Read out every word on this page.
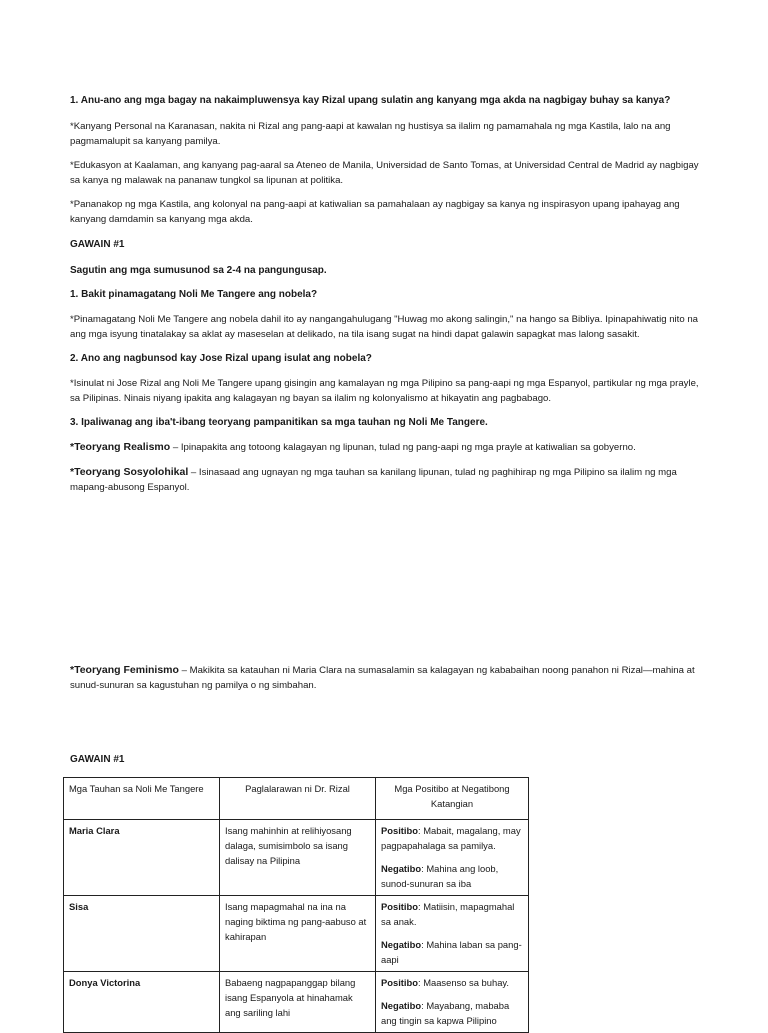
1. Anu-ano ang mga bagay na nakaimpluwensya kay Rizal upang sulatin ang kanyang mga akda na nagbigay buhay sa kanya?
*Kanyang Personal na Karanasan, nakita ni Rizal ang pang-aapi at kawalan ng hustisya sa ilalim ng pamamahala ng mga Kastila, lalo na ang pagmamalupit sa kanyang pamilya.
*Edukasyon at Kaalaman, ang kanyang pag-aaral sa Ateneo de Manila, Universidad de Santo Tomas, at Universidad Central de Madrid ay nagbigay sa kanya ng malawak na pananaw tungkol sa lipunan at politika.
*Pananakop ng mga Kastila, ang kolonyal na pang-aapi at katiwalian sa pamahalaan ay nagbigay sa kanya ng inspirasyon upang ipahayag ang kanyang damdamin sa kanyang mga akda.
GAWAIN #1
Sagutin ang mga sumusunod sa 2-4 na pangungusap.
1. Bakit pinamagatang Noli Me Tangere ang nobela?
*Pinamagatang Noli Me Tangere ang nobela dahil ito ay nangangahulugang "Huwag mo akong salingin," na hango sa Bibliya. Ipinapahiwatig nito na ang mga isyung tinatalakay sa aklat ay maseselan at delikado, na tila isang sugat na hindi dapat galawin sapagkat mas lalong sasakit.
2. Ano ang nagbunsod kay Jose Rizal upang isulat ang nobela?
*Isinulat ni Jose Rizal ang Noli Me Tangere upang gisingin ang kamalayan ng mga Pilipino sa pang-aapi ng mga Espanyol, partikular ng mga prayle, sa Pilipinas. Ninais niyang ipakita ang kalagayan ng bayan sa ilalim ng kolonyalismo at hikayatin ang pagbabago.
3. Ipaliwanag ang iba't-ibang teoryang pampanitikan sa mga tauhan ng Noli Me Tangere.
*Teoryang Realismo – Ipinapakita ang totoong kalagayan ng lipunan, tulad ng pang-aapi ng mga prayle at katiwalian sa gobyerno.
*Teoryang Sosyolohikal – Isinasaad ang ugnayan ng mga tauhan sa kanilang lipunan, tulad ng paghihirap ng mga Pilipino sa ilalim ng mga mapang-abusong Espanyol.
*Teoryang Feminismo – Makikita sa katauhan ni Maria Clara na sumasalamin sa kalagayan ng kababaihan noong panahon ni Rizal—mahina at sunud-sunuran sa kagustuhan ng pamilya o ng simbahan.
GAWAIN #1
Mga Tauhan sa Noli Me Tangere	Paglalarawan ni Dr. Rizal	Mga Positibo at Negatibong Katangian
Maria Clara	Isang mahinhin at relihiyosang dalaga, sumisimbolo sa isang dalisay na Pilipina	Positibo: Mabait, magalang, may pagpapahalaga sa pamilya.
Negatibo: Mahina ang loob, sunod-sunuran sa iba

Sisa	Isang mapagmahal na ina na naging biktima ng pang-aabuso at kahirapan	Positibo: Matiisin, mapagmahal sa anak.
Negatibo: Mahina laban sa pang-aapi

Donya Victorina	Babaeng nagpapanggap bilang isang Espanyola at hinahamak ang sariling lahi	Positibo: Maasenso sa buhay.
Negatibo: Mayabang, mababa ang tingin sa kapwa Pilipino
